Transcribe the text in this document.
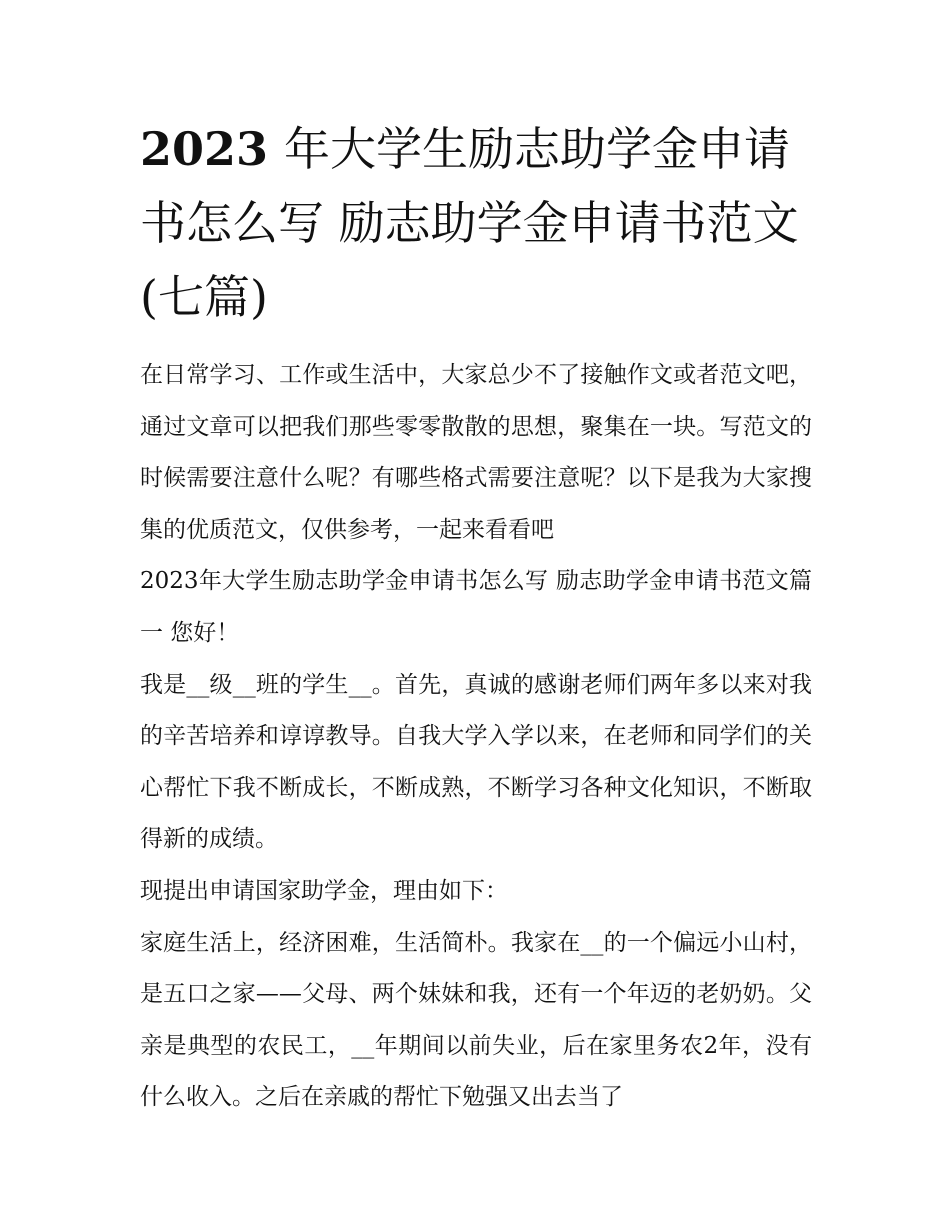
2023 年大学生励志助学金申请书怎么写 励志助学金申请书范文(七篇)

在日常学习、工作或生活中，大家总少不了接触作文或者范文吧，通过文章可以把我们那些零零散散的思想，聚集在一块。写范文的时候需要注意什么呢？有哪些格式需要注意呢？以下是我为大家搜集的优质范文，仅供参考，一起来看看吧

2023年大学生励志助学金申请书怎么写 励志助学金申请书范文篇一 您好！

我是__级__班的学生__。首先，真诚的感谢老师们两年多以来对我的辛苦培养和谆谆教导。自我大学入学以来，在老师和同学们的关心帮忙下我不断成长，不断成熟，不断学习各种文化知识，不断取得新的成绩。

现提出申请国家助学金，理由如下：

家庭生活上，经济困难，生活简朴。我家在__的一个偏远小山村，是五口之家——父母、两个妹妹和我，还有一个年迈的老奶奶。父亲是典型的农民工，__年期间以前失业，后在家里务农2年，没有什么收入。之后在亲戚的帮忙下勉强又出去当了
